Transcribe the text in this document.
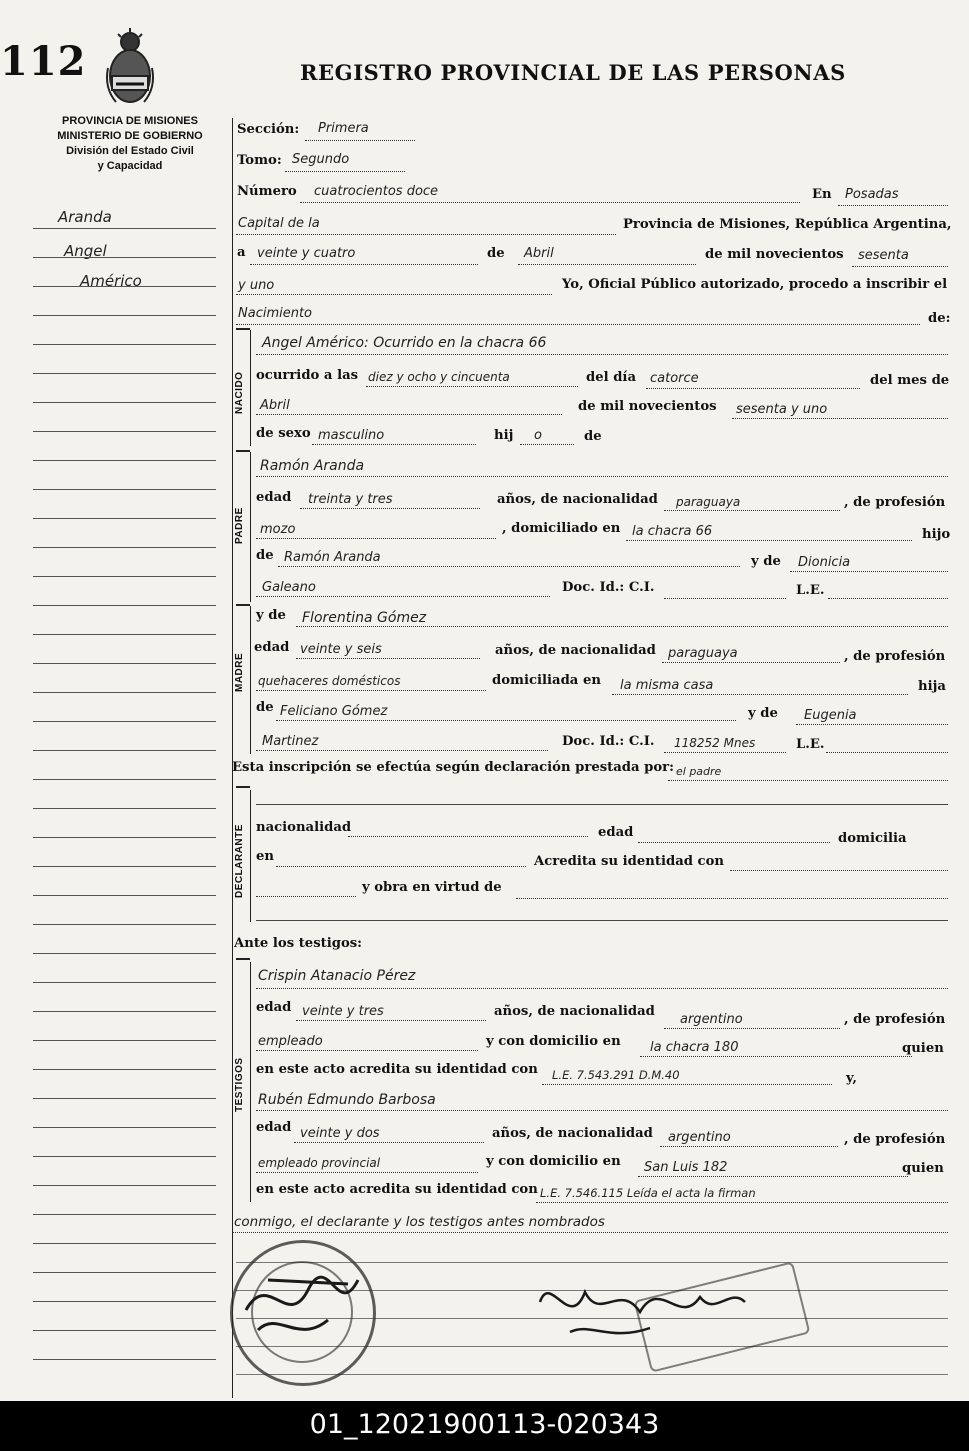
112	REGISTRO PROVINCIAL DE LAS PERSONAS
PROVINCIA DE MISIONES
MINISTERIO DE GOBIERNO
División del Estado Civil
y Capacidad
Aranda
Angel
Américo
Sección: Primera
Tomo: Segundo
Número cuatrocientos doce	En Posadas
Capital de la	Provincia de Misiones, República Argentina,
a veinte y cuatro	de Abril	de mil novecientos sesenta
y uno	Yo, Oficial Público autorizado, procedo a inscribir el
Nacimiento	de:
NACIDO
Angel Américo: Ocurrido en la chacra 66
ocurrido a las diez y ocho y cincuenta	del día catorce	del mes de
Abril	de mil novecientos sesenta y uno
de sexo masculino	hij o	de
PADRE
Ramón Aranda
edad treinta y tres	años, de nacionalidad paraguaya	, de profesión
mozo	, domiciliado en la chacra 66	hijo
de Ramón Aranda	y de Dionicia
Galeano	Doc. Id.: C.I.	L.E.
MADRE
y de Florentina Gómez
edad veinte y seis	años, de nacionalidad paraguaya	, de profesión
quehaceres domésticos	domiciliada en la misma casa	hija
de Feliciano Gómez	y de Eugenia
Martinez	Doc. Id.: C.I. 118252 Mnes	L.E.
Esta inscripción se efectúa según declaración prestada por: el padre
DECLARANTE nacionalidad	edad	domicilia
en	Acredita su identidad con
y obra en virtud de
Ante los testigos:
TESTIGOS
Crispin Atanacio Pérez
edad veinte y tres	años, de nacionalidad
argentino	, de profesión
empleado	y con domicilio en la chacra 180	quien
en este acto acredita su identidad con L.E. 7.543.291 D.M.40	y,
Rubén Edmundo Barbosa
edad veinte y dos	años, de nacionalidad argentino	, de profesión
empleado provincial	y con domicilio en San Luis 182	quien
en este acto acredita su identidad con L.E. 7.546.115 Leída el acta la firman
conmigo, el declarante y los testigos antes nombrados
01_12021900113-020343
